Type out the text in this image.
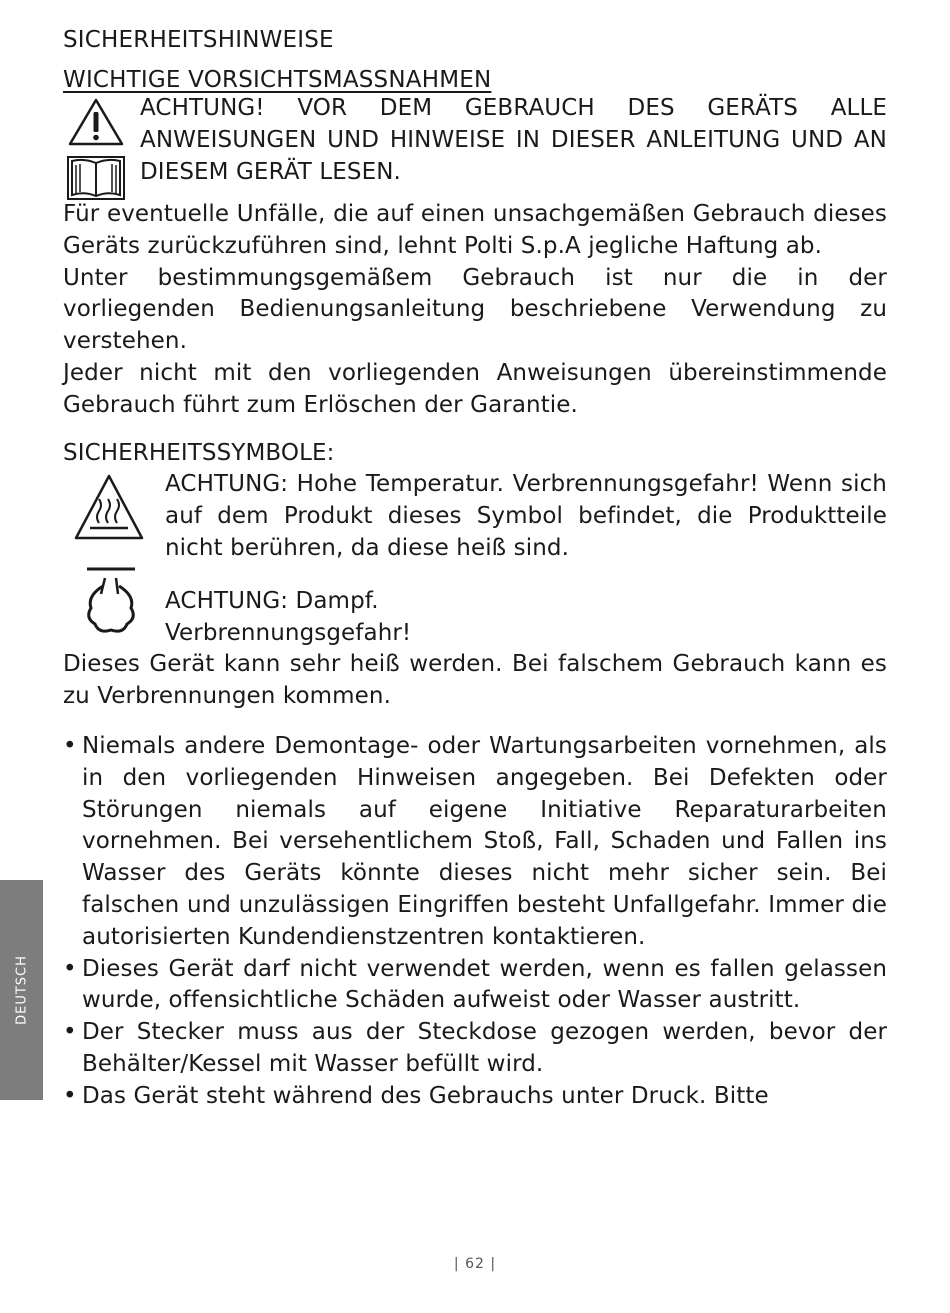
SICHERHEITSHINWEISE
WICHTIGE VORSICHTSMASSNAHMEN

ACHTUNG! VOR DEM GEBRAUCH DES GERÄTS ALLE ANWEISUNGEN UND HINWEISE IN DIESER ANLEITUNG UND AN DIESEM GERÄT LESEN.

Für eventuelle Unfälle, die auf einen unsachgemäßen Gebrauch dieses Geräts zurückzuführen sind, lehnt Polti S.p.A jegliche Haftung ab.

Unter bestimmungsgemäßem Gebrauch ist nur die in der vorliegenden Bedienungsanleitung beschriebene Verwendung zu verstehen.

Jeder nicht mit den vorliegenden Anweisungen übereinstimmende Gebrauch führt zum Erlöschen der Garantie.

SICHERHEITSSYMBOLE:

ACHTUNG: Hohe Temperatur. Verbrennungsgefahr! Wenn sich auf dem Produkt dieses Symbol befindet, die Produktteile nicht berühren, da diese heiß sind.

ACHTUNG: Dampf.

Verbrennungsgefahr!

Dieses Gerät kann sehr heiß werden. Bei falschem Gebrauch kann es zu Verbrennungen kommen.

• Niemals andere Demontage- oder Wartungsarbeiten vornehmen, als in den vorliegenden Hinweisen angegeben. Bei Defekten oder Störungen niemals auf eigene Initiative Reparaturarbeiten vornehmen. Bei versehentlichem Stoß, Fall, Schaden und Fallen ins Wasser des Geräts könnte dieses nicht mehr sicher sein. Bei falschen und unzulässigen Eingriffen besteht Unfallgefahr. Immer die autorisierten Kundendienstzentren kontaktieren.
• Dieses Gerät darf nicht verwendet werden, wenn es fallen gelassen wurde, offensichtliche Schäden aufweist oder Wasser austritt.
• Der Stecker muss aus der Steckdose gezogen werden, bevor der Behälter/Kessel mit Wasser befüllt wird.
• Das Gerät steht während des Gebrauchs unter Druck. Bitte
DEUTSCH
| 62 |
